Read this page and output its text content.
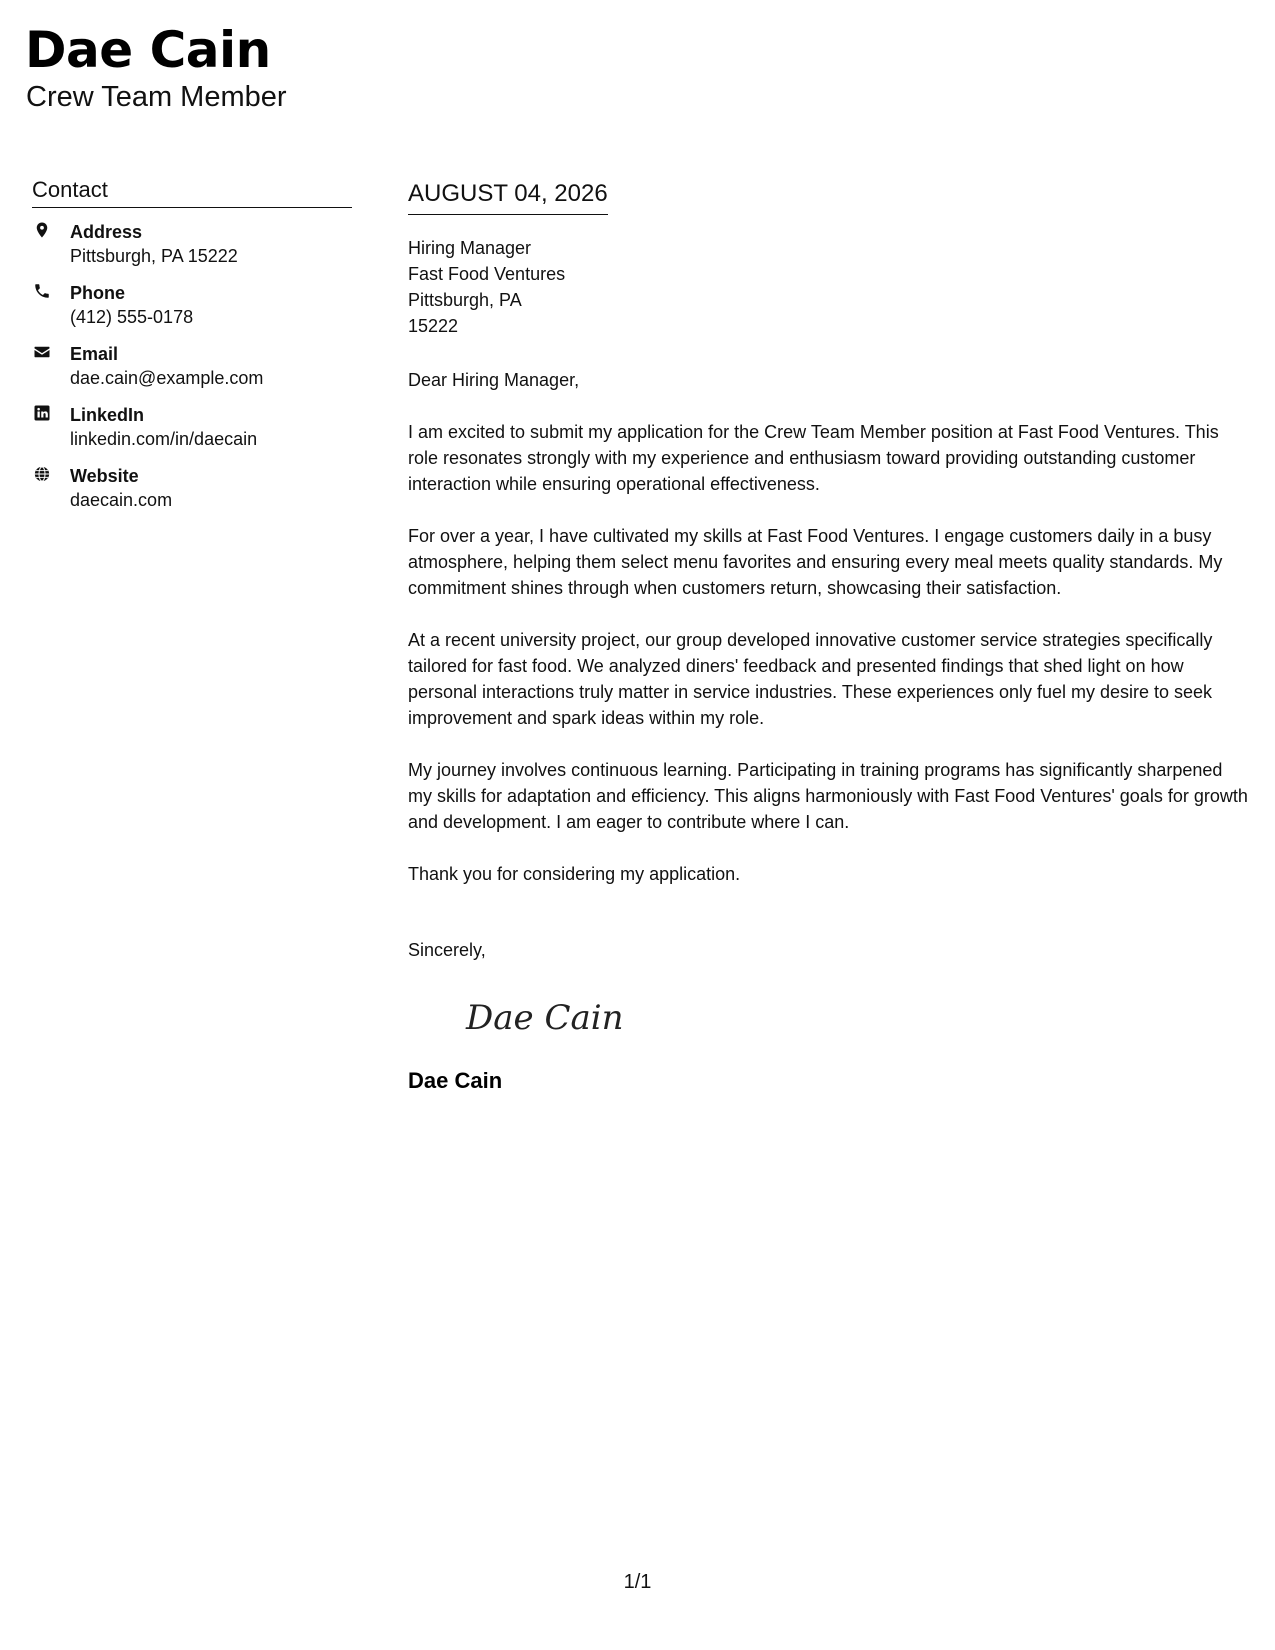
Dae Cain
Crew Team Member
Contact
Address
Pittsburgh, PA 15222
Phone
(412) 555-0178
Email
dae.cain@example.com
LinkedIn
linkedin.com/in/daecain
Website
daecain.com
AUGUST 04, 2026
Hiring Manager
Fast Food Ventures
Pittsburgh, PA
15222
Dear Hiring Manager,

I am excited to submit my application for the Crew Team Member position at Fast Food Ventures. This role resonates strongly with my experience and enthusiasm toward providing outstanding customer interaction while ensuring operational effectiveness.

For over a year, I have cultivated my skills at Fast Food Ventures. I engage customers daily in a busy atmosphere, helping them select menu favorites and ensuring every meal meets quality standards. My commitment shines through when customers return, showcasing their satisfaction.

At a recent university project, our group developed innovative customer service strategies specifically tailored for fast food. We analyzed diners' feedback and presented findings that shed light on how personal interactions truly matter in service industries. These experiences only fuel my desire to seek improvement and spark ideas within my role.

My journey involves continuous learning. Participating in training programs has significantly sharpened my skills for adaptation and efficiency. This aligns harmoniously with Fast Food Ventures' goals for growth and development. I am eager to contribute where I can.

Thank you for considering my application.

Sincerely,
Dae Cain
Dae Cain
1/1
